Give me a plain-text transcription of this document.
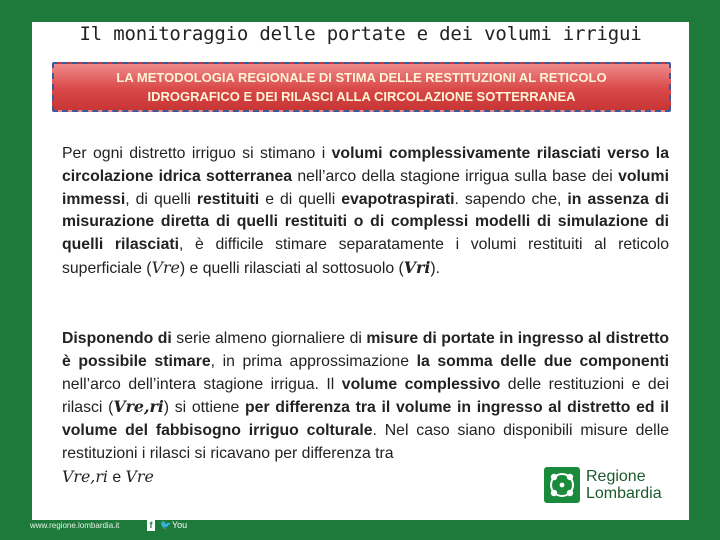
Il monitoraggio delle portate e dei volumi irrigui
LA METODOLOGIA REGIONALE DI STIMA DELLE RESTITUZIONI AL RETICOLO
IDROGRAFICO E DEI RILASCI ALLA CIRCOLAZIONE SOTTERRANEA
Per ogni distretto irriguo si stimano i volumi complessivamente rilasciati verso la circolazione idrica sotterranea nell’arco della stagione irrigua sulla base dei volumi immessi, di quelli restituiti e di quelli evapotraspirati. sapendo che, in assenza di misurazione diretta di quelli restituiti o di complessi modelli di simulazione di quelli rilasciati, è difficile stimare separatamente i volumi restituiti al reticolo superficiale (Vre) e quelli rilasciati al sottosuolo (Vri).
Disponendo di serie almeno giornaliere di misure di portate in ingresso al distretto è possibile stimare, in prima approssimazione la somma delle due componenti nell’arco dell’intera stagione irrigua. Il volume complessivo delle restituzioni e dei rilasci (Vre,ri) si ottiene per differenza tra il volume in ingresso al distretto ed il volume del fabbisogno irriguo colturale. Nel caso siano disponibili misure delle restituzioni i rilasci si ricavano per differenza tra
Vre,ri e Vre	Regione
Lombardia
www.regione.lombardia.it	f 🐦 You
